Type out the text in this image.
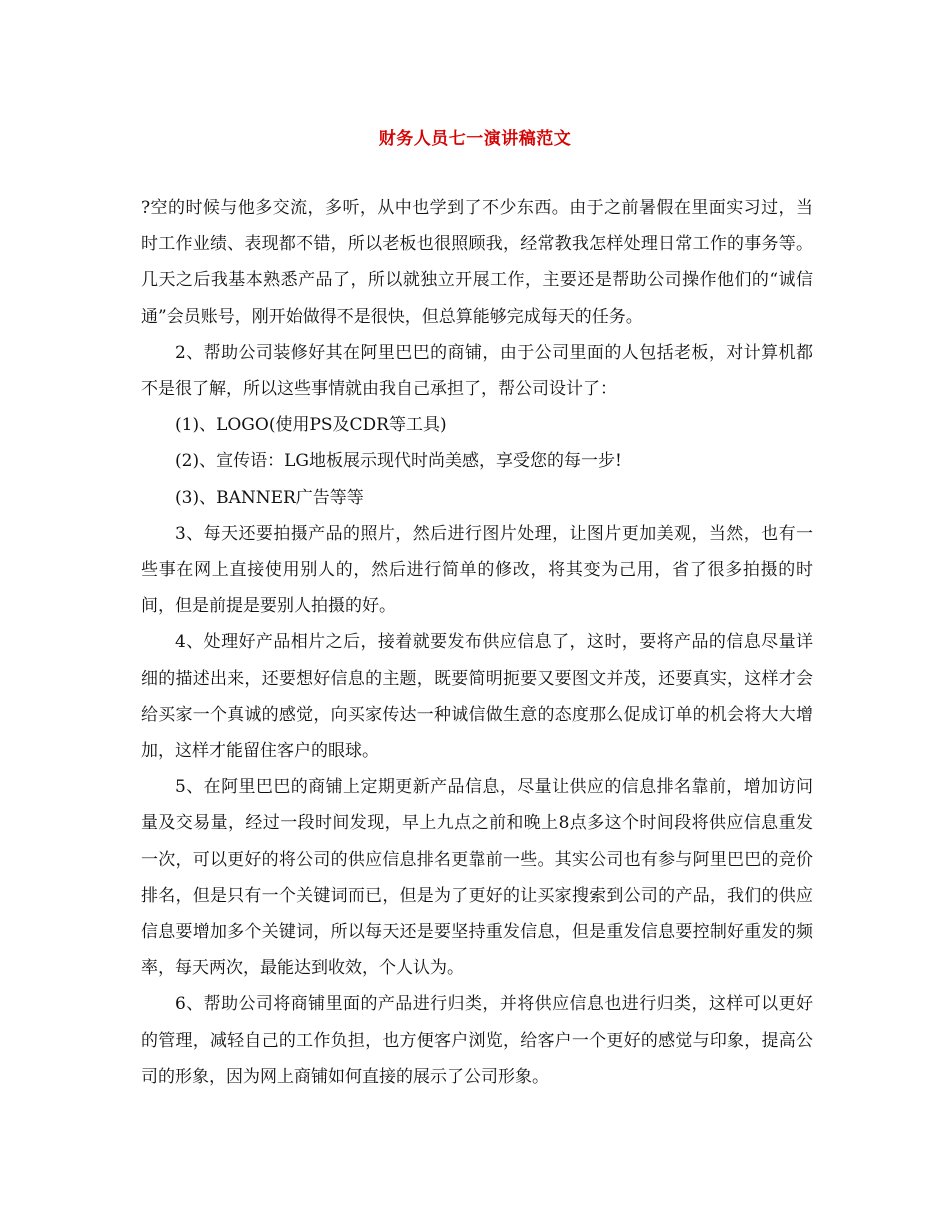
财务人员七一演讲稿范文

?空的时候与他多交流，多听，从中也学到了不少东西。由于之前暑假在里面实习过，当时工作业绩、表现都不错，所以老板也很照顾我，经常教我怎样处理日常工作的事务等。几天之后我基本熟悉产品了，所以就独立开展工作，主要还是帮助公司操作他们的“诚信通”会员账号，刚开始做得不是很快，但总算能够完成每天的任务。

2、帮助公司装修好其在阿里巴巴的商铺，由于公司里面的人包括老板，对计算机都不是很了解，所以这些事情就由我自己承担了，帮公司设计了：

(1)、LOGO(使用PS及CDR等工具)

(2)、宣传语：LG地板展示现代时尚美感，享受您的每一步!

(3)、BANNER广告等等

3、每天还要拍摄产品的照片，然后进行图片处理，让图片更加美观，当然，也有一些事在网上直接使用别人的，然后进行简单的修改，将其变为己用，省了很多拍摄的时间，但是前提是要别人拍摄的好。

4、处理好产品相片之后，接着就要发布供应信息了，这时，要将产品的信息尽量详细的描述出来，还要想好信息的主题，既要简明扼要又要图文并茂，还要真实，这样才会给买家一个真诚的感觉，向买家传达一种诚信做生意的态度那么促成订单的机会将大大增加，这样才能留住客户的眼球。

5、在阿里巴巴的商铺上定期更新产品信息，尽量让供应的信息排名靠前，增加访问量及交易量，经过一段时间发现，早上九点之前和晚上8点多这个时间段将供应信息重发一次，可以更好的将公司的供应信息排名更靠前一些。其实公司也有参与阿里巴巴的竞价排名，但是只有一个关键词而已，但是为了更好的让买家搜索到公司的产品，我们的供应信息要增加多个关键词，所以每天还是要坚持重发信息，但是重发信息要控制好重发的频率，每天两次，最能达到收效，个人认为。

6、帮助公司将商铺里面的产品进行归类，并将供应信息也进行归类，这样可以更好的管理，减轻自己的工作负担，也方便客户浏览，给客户一个更好的感觉与印象，提高公司的形象，因为网上商铺如何直接的展示了公司形象。
